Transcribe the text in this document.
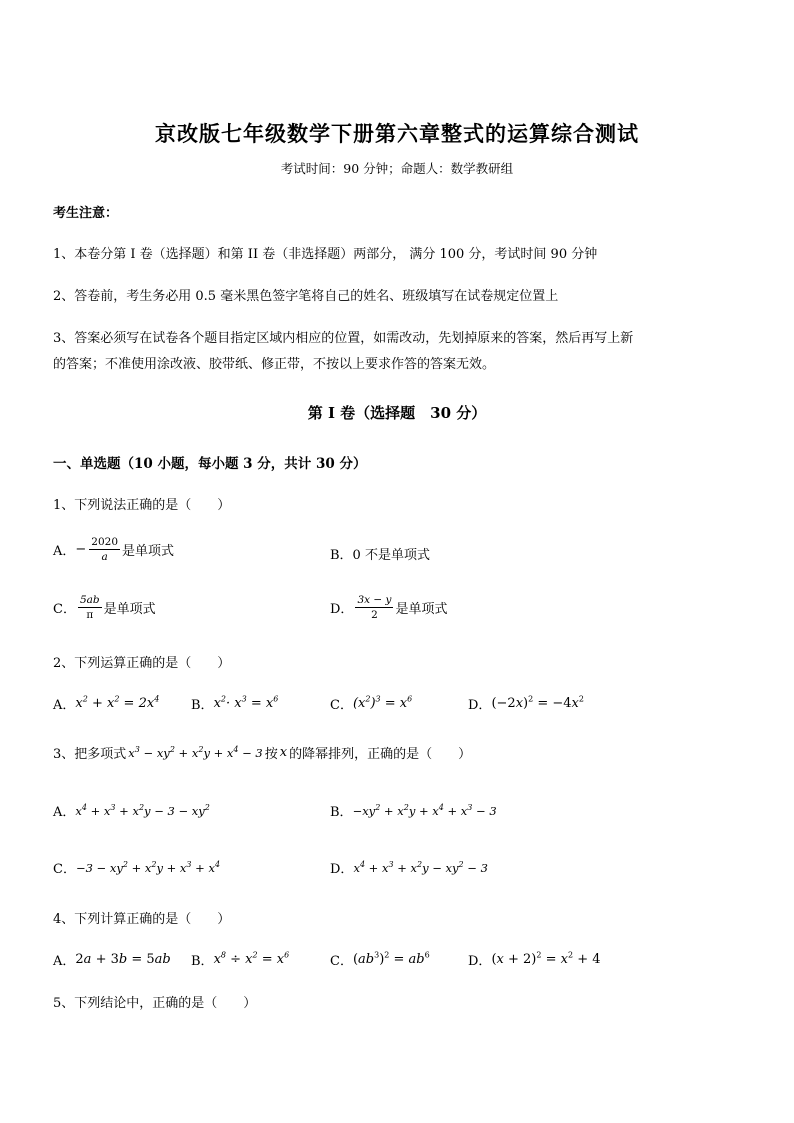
京改版七年级数学下册第六章整式的运算综合测试
考试时间：90 分钟；命题人：数学教研组
考生注意：
1、本卷分第 I 卷（选择题）和第 II 卷（非选择题）两部分， 满分 100 分，考试时间 90 分钟
2、答卷前，考生务必用 0.5 毫米黑色签字笔将自己的姓名、班级填写在试卷规定位置上
3、答案必须写在试卷各个题目指定区域内相应的位置，如需改动，先划掉原来的答案，然后再写上新
的答案；不准使用涂改液、胶带纸、修正带，不按以上要求作答的答案无效。
第 I 卷（选择题　30 分）
一、单选题（10 小题，每小题 3 分，共计 30 分）
1、下列说法正确的是（　　）
A． − $\frac{2020}{a}$ 是单项式	B．0 不是单项式
C． $\frac{5ab}{\pi}$ 是单项式	D． $\frac{3x - y}{2}$ 是单项式
2、下列运算正确的是（　　）
A． $x^2 + x^2 = 2x^4$ B． $x^2\cdot x^3 = x^6$	C． $(x^2)^3 = x^6$	D． $(-2x)^2 = -4x^2$
3、把多项式 $x^3 - xy^2 + x^2y + x^4 - 3$ 按 x 的降幂排列，正确的是（　　）
A． $x^4 + x^3 + x^2y - 3 - xy^2$	B． $-xy^2 + x^2y + x^4 + x^3 - 3$
C． $-3 - xy^2 + x^2y + x^3 + x^4$	D． $x^4 + x^3 + x^2y - xy^2 - 3$
4、下列计算正确的是（　　）
A． 2a + 3b = 5ab B． $x^8 \div x^2 = x^6$	C． $(ab^3)^2 = ab^6$	D． $(x + 2)^2 = x^2 + 4$
5、下列结论中，正确的是（　　）
